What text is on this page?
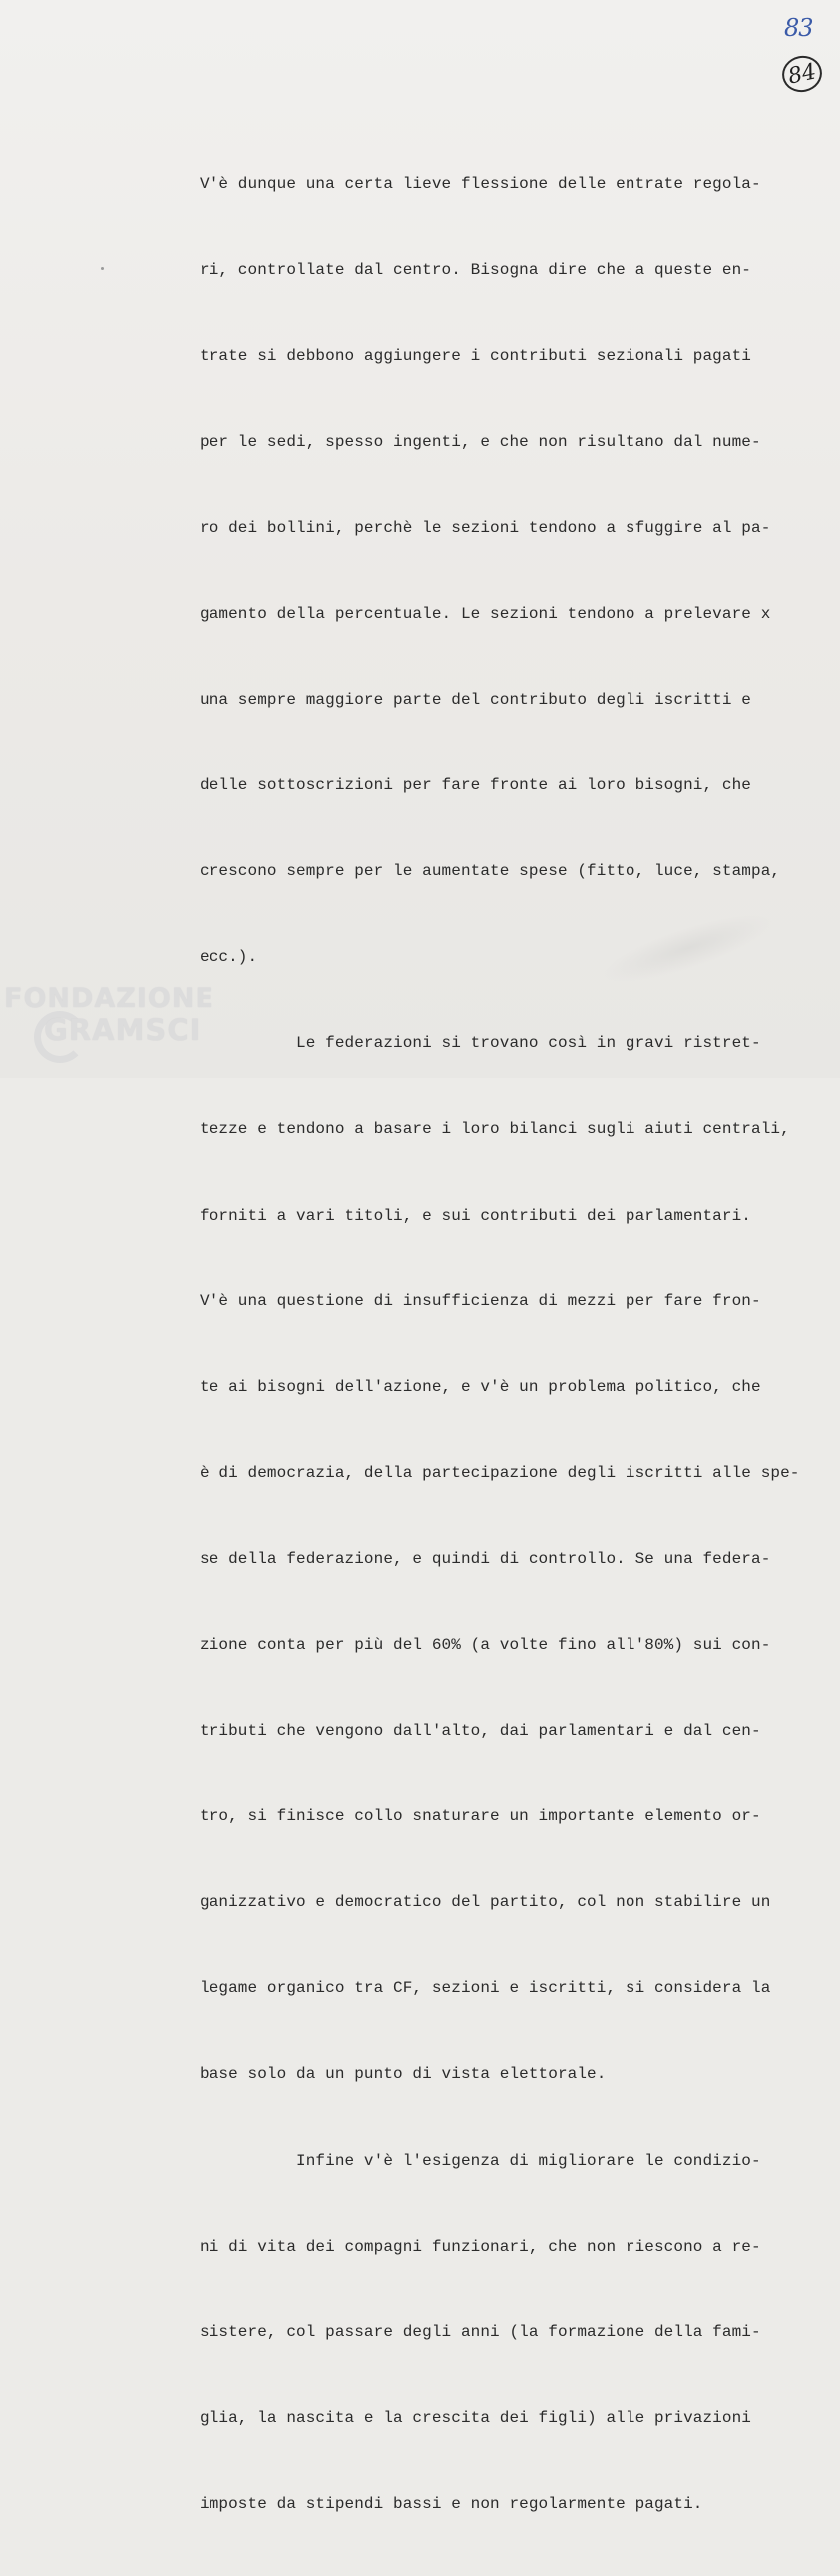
83
84

V'è dunque una certa lieve flessione delle entrate regola-

ri, controllate dal centro. Bisogna dire che a queste en-

trate si debbono aggiungere i contributi sezionali pagati

per le sedi, spesso ingenti, e che non risultano dal nume-

ro dei bollini, perchè le sezioni tendono a sfuggire al pa-

gamento della percentuale. Le sezioni tendono a prelevare x

una sempre maggiore parte del contributo degli iscritti e

delle sottoscrizioni per fare fronte ai loro bisogni, che

crescono sempre per le aumentate spese (fitto, luce, stampa,

ecc.).

Le federazioni si trovano così in gravi ristret-

tezze e tendono a basare i loro bilanci sugli aiuti centrali,

forniti a vari titoli, e sui contributi dei parlamentari.

V'è una questione di insufficienza di mezzi per fare fron-

te ai bisogni dell'azione, e v'è un problema politico, che

è di democrazia, della partecipazione degli iscritti alle spe-

se della federazione, e quindi di controllo. Se una federa-

zione conta per più del 60% (a volte fino all'80%) sui con-

tributi che vengono dall'alto, dai parlamentari e dal cen-

tro, si finisce collo snaturare un importante elemento or-

ganizzativo e democratico del partito, col non stabilire un

legame organico tra CF, sezioni e iscritti, si considera la

base solo da un punto di vista elettorale.

Infine v'è l'esigenza di migliorare le condizio-

ni di vita dei compagni funzionari, che non riescono a re-

sistere, col passare degli anni (la formazione della fami-

glia, la nascita e la crescita dei figli) alle privazioni

imposte da stipendi bassi e non regolarmente pagati.

FONDAZIONE
GRAMSCI
